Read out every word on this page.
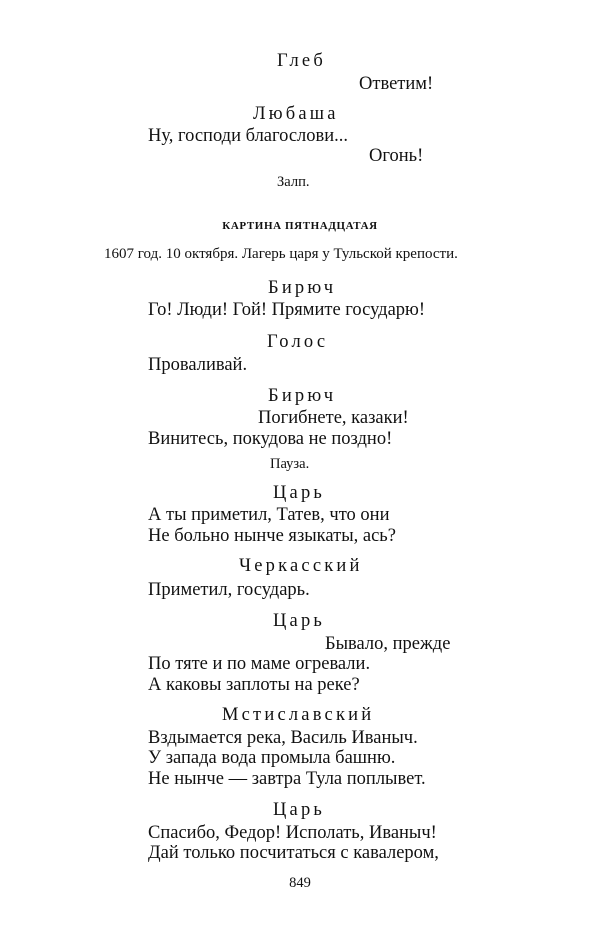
Глеб
Ответим!
Любаша
Ну, господи благослови...
Огонь!
Залп.
КАРТИНА ПЯТНАДЦАТАЯ
1607 год. 10 октября. Лагерь царя у Тульской крепости.
Бирюч
Го! Люди! Гой! Прямите государю!
Голос
Проваливай.
Бирюч
Погибнете, казаки!
Винитесь, покудова не поздно!
Пауза.
Царь
А ты приметил, Татев, что они
Не больно нынче языкаты, ась?
Черкасский
Приметил, государь.
Царь
Бывало, прежде
По тяте и по маме огревали.
А каковы заплоты на реке?
Мстиславский
Вздымается река, Василь Иваныч.
У запада вода промыла башню.
Не нынче — завтра Тула поплывет.
Царь
Спасибо, Федор! Исполать, Иваныч!
Дай только посчитаться с кавалером,
849
